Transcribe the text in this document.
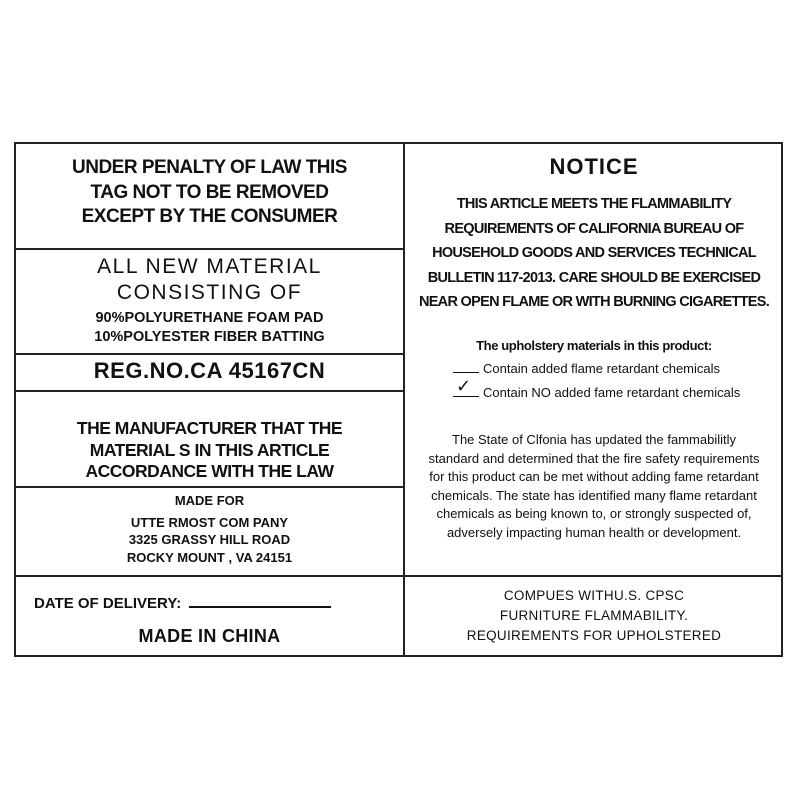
UNDER PENALTY OF LAW THIS
TAG NOT TO BE REMOVED
EXCEPT BY THE CONSUMER
ALL NEW MATERIAL
CONSISTING OF
90%POLYURETHANE FOAM PAD
10%POLYESTER FIBER BATTING
REG.NO.CA 45167CN
THE MANUFACTURER THAT THE
MATERIAL S IN THIS ARTICLE
ACCORDANCE WITH THE LAW
MADE FOR
UTTE RMOST COM PANY
3325 GRASSY HILL ROAD
ROCKY MOUNT , VA 24151
DATE OF DELIVERY:
MADE IN CHINA
NOTICE
THIS ARTICLE MEETS THE FLAMMABILITY
REQUIREMENTS OF CALIFORNIA BUREAU OF
HOUSEHOLD GOODS AND SERVICES TECHNICAL
BULLETIN 117-2013. CARE SHOULD BE EXERCISED
NEAR OPEN FLAME OR WITH BURNING CIGARETTES.
The upholstery materials in this product:
Contain added flame retardant chemicals
✓ Contain NO added fame retardant chemicals
The State of Clfonia has updated the fammabilitly
standard and determined that the fire safety requirements
for this product can be met without adding fame retardant
chemicals. The state has identified many flame retardant
chemicals as being known to, or strongly suspected of,
adversely impacting human health or development.
COMPUES WITHU.S. CPSC
FURNITURE FLAMMABILITY.
REQUIREMENTS FOR UPHOLSTERED
